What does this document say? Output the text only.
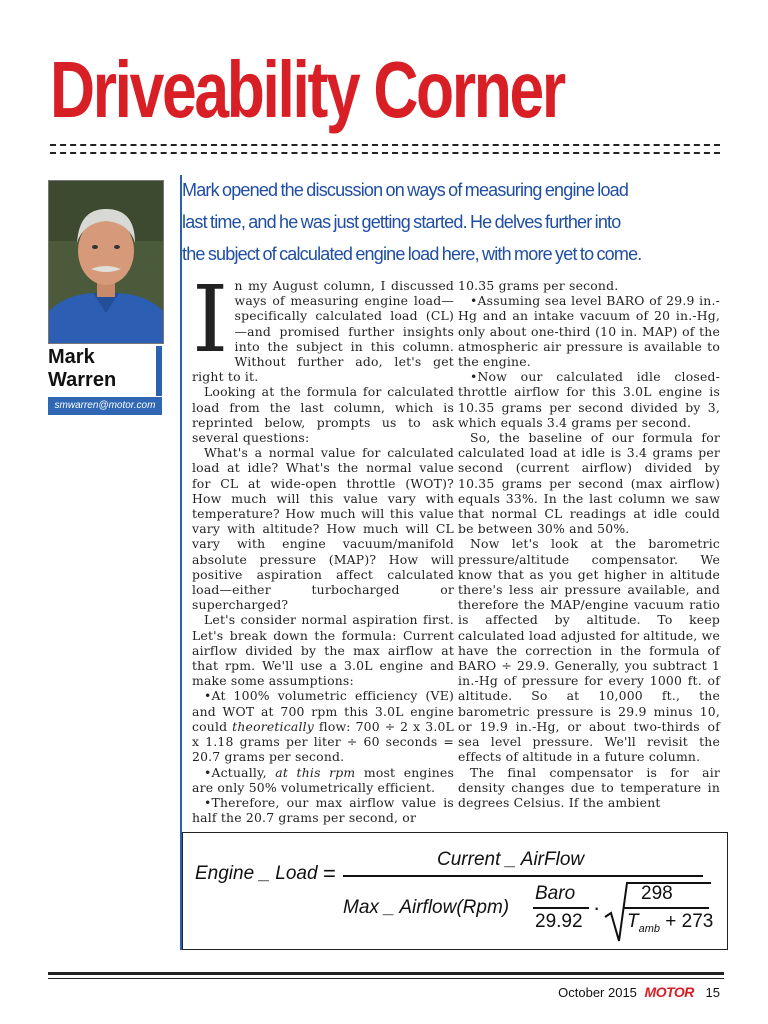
Driveability Corner
Mark
Warren
smwarren@motor.com
Mark opened the discussion on ways of measuring engine load
last time, and he was just getting started. He delves further into
the subject of calculated engine load here, with more yet to come.

In my August column, I discussed ways of measuring engine load—specifically calculated load (CL)—and promised further insights into the subject in this column. Without further ado, let's get right to it.

Looking at the formula for calculated load from the last column, which is reprinted below, prompts us to ask several questions:

What's a normal value for calculated load at idle? What's the normal value for CL at wide-open throttle (WOT)? How much will this value vary with temperature? How much will this value vary with altitude? How much will CL vary with engine vacuum/manifold absolute pressure (MAP)? How will positive aspiration affect calculated load—either turbocharged or supercharged?

Let's consider normal aspiration first. Let's break down the formula: Current airflow divided by the max airflow at that rpm. We'll use a 3.0L engine and make some assumptions:

•At 100% volumetric efficiency (VE) and WOT at 700 rpm this 3.0L engine could theoretically flow: 700 ÷ 2 x 3.0L x 1.18 grams per liter ÷ 60 seconds = 20.7 grams per second.

•Actually, at this rpm most engines are only 50% volumetrically efficient.

•Therefore, our max airflow value is half the 20.7 grams per second, or

10.35 grams per second.

•Assuming sea level BARO of 29.9 in.-Hg and an intake vacuum of 20 in.-Hg, only about one-third (10 in. MAP) of the atmospheric air pressure is available to the engine.

•Now our calculated idle closed-throttle airflow for this 3.0L engine is 10.35 grams per second divided by 3, which equals 3.4 grams per second.

So, the baseline of our formula for calculated load at idle is 3.4 grams per second (current airflow) divided by 10.35 grams per second (max airflow) equals 33%. In the last column we saw that normal CL readings at idle could be between 30% and 50%.

Now let's look at the barometric pressure/altitude compensator. We know that as you get higher in altitude there's less air pressure available, and therefore the MAP/engine vacuum ratio is affected by altitude. To keep calculated load adjusted for altitude, we have the correction in the formula of BARO ÷ 29.9. Generally, you subtract 1 in.-Hg of pressure for every 1000 ft. of altitude. So at 10,000 ft., the barometric pressure is 29.9 minus 10, or 19.9 in.-Hg, or about two-thirds of sea level pressure. We'll revisit the effects of altitude in a future column.

The final compensator is for air density changes due to temperature in degrees Celsius. If the ambient

Engine _ Load =
Current _ AirFlow
Max _ Airflow(Rpm)
Baro
29.92
·
298
$T_{amb} + 273$
October 2015 MOTOR 15
